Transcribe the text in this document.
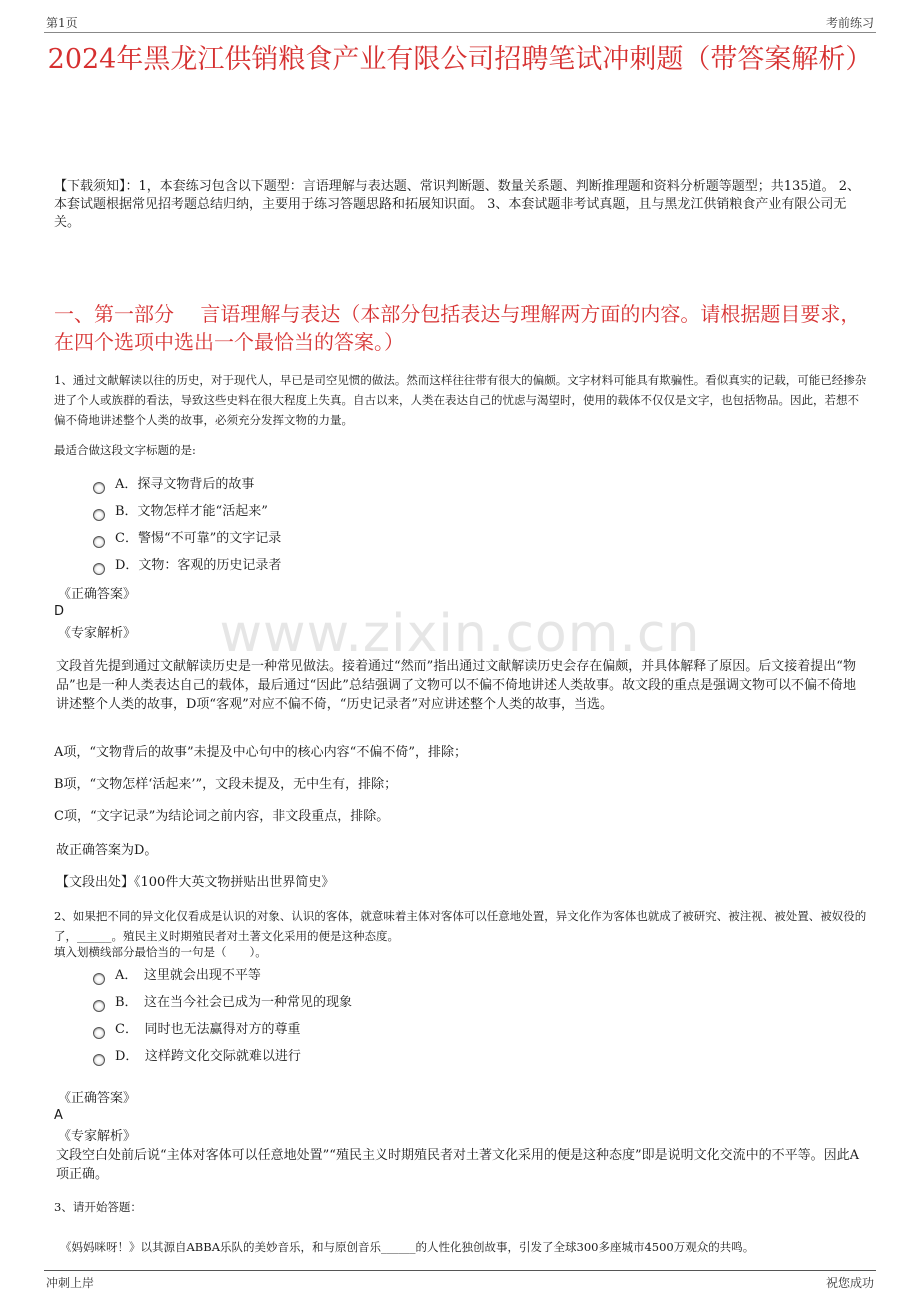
第1页	考前练习
2024年黑龙江供销粮食产业有限公司招聘笔试冲刺题（带答案解析）
【下载须知】：1，本套练习包含以下题型：言语理解与表达题、常识判断题、数量关系题、判断推理题和资料分析题等题型；共135道。 2、本套试题根据常见招考题总结归纳，主要用于练习答题思路和拓展知识面。 3、本套试题非考试真题，且与黑龙江供销粮食产业有限公司无关。
一、第一部分　 言语理解与表达（本部分包括表达与理解两方面的内容。请根据题目要求，在四个选项中选出一个最恰当的答案。）
1、通过文献解读以往的历史，对于现代人，早已是司空见惯的做法。然而这样往往带有很大的偏颇。文字材料可能具有欺骗性。看似真实的记载，可能已经掺杂进了个人或族群的看法，导致这些史料在很大程度上失真。自古以来，人类在表达自己的忧虑与渴望时，使用的载体不仅仅是文字，也包括物品。因此，若想不偏不倚地讲述整个人类的故事，必须充分发挥文物的力量。
最适合做这段文字标题的是:
A．探寻文物背后的故事
B．文物怎样才能“活起来”
C．警惕“不可靠”的文字记录
D．文物：客观的历史记录者
《正确答案》
D
《专家解析》	www.zixin.com.cn
文段首先提到通过文献解读历史是一种常见做法。接着通过“然而”指出通过文献解读历史会存在偏颇，并具体解释了原因。后文接着提出“物品”也是一种人类表达自己的载体，最后通过“因此”总结强调了文物可以不偏不倚地讲述人类故事。故文段的重点是强调文物可以不偏不倚地讲述整个人类的故事，D项“客观”对应不偏不倚，“历史记录者”对应讲述整个人类的故事，当选。
A项，“文物背后的故事”未提及中心句中的核心内容“不偏不倚”，排除；
B项，“文物怎样‘活起来’”，文段未提及，无中生有，排除；
C项，“文字记录”为结论词之前内容，非文段重点，排除。
故正确答案为D。
【文段出处】《100件大英文物拼贴出世界简史》
2、如果把不同的异文化仅看成是认识的对象、认识的客体，就意味着主体对客体可以任意地处置，异文化作为客体也就成了被研究、被注视、被处置、被奴役的了，______。殖民主义时期殖民者对土著文化采用的便是这种态度。
填入划横线部分最恰当的一句是（　　）。
A．　这里就会出现不平等
B．　这在当今社会已成为一种常见的现象
C．　同时也无法赢得对方的尊重
D．　这样跨文化交际就难以进行
《正确答案》
A
《专家解析》
文段空白处前后说“主体对客体可以任意地处置”“殖民主义时期殖民者对土著文化采用的便是这种态度”即是说明文化交流中的不平等。因此A项正确。
3、请开始答题：
《妈妈咪呀！》以其源自ABBA乐队的美妙音乐，和与原创音乐______的人性化独创故事，引发了全球300多座城市4500万观众的共鸣。
冲刺上岸	祝您成功
